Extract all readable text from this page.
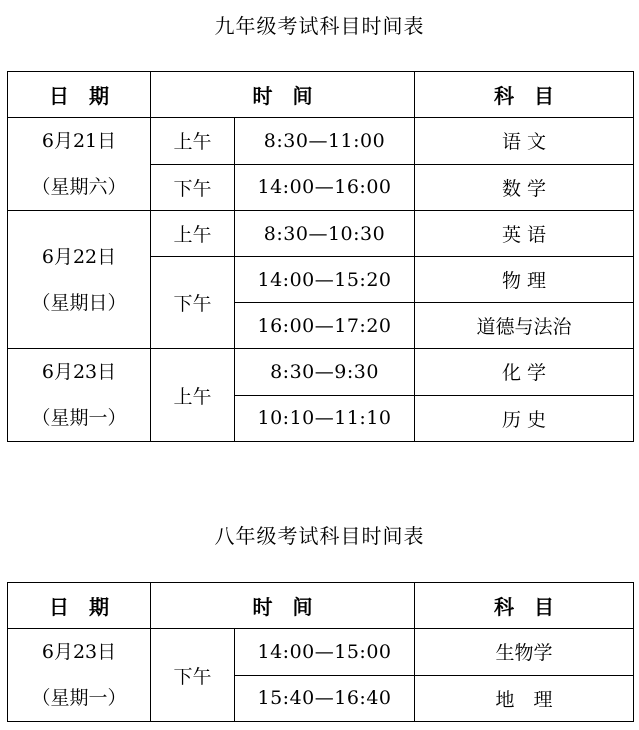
九年级考试科目时间表
日　期	时　间		科　目

6月21日
（星期六）	上午	8:30—11:00	语 文
	下午	14:00—16:00	数 学

6月22日
（星期日）	上午	8:30—10:30	英 语
	下午	14:00—15:20	物 理
		16:00—17:20	道德与法治

6月23日
（星期一）	上午	8:30—9:30	化 学
		10:10—11:10	历 史
八年级考试科目时间表
日　期	时　间		科　目

6月23日
（星期一）	下午	14:00—15:00	生物学
		15:40—16:40	地　理
